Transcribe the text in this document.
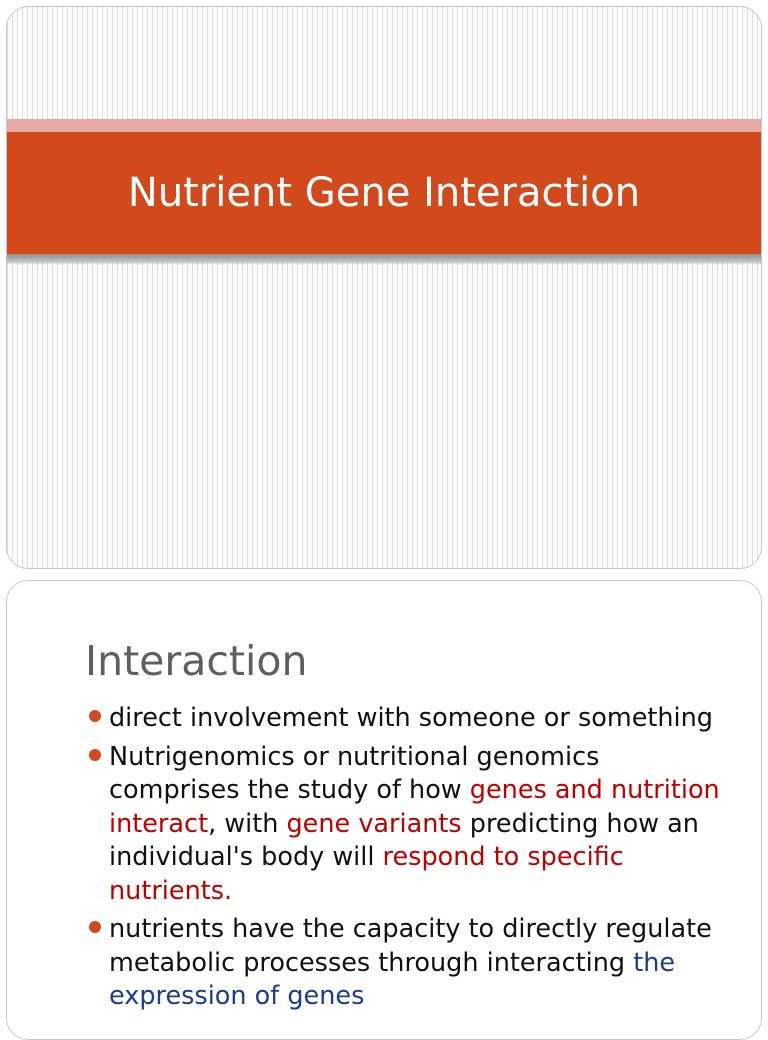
Nutrient Gene Interaction
Interaction
direct involvement with someone or something
Nutrigenomics or nutritional genomics comprises the study of how genes and nutrition interact, with gene variants predicting how an individual's body will respond to specific nutrients.
nutrients have the capacity to directly regulate metabolic processes through interacting the expression of genes
